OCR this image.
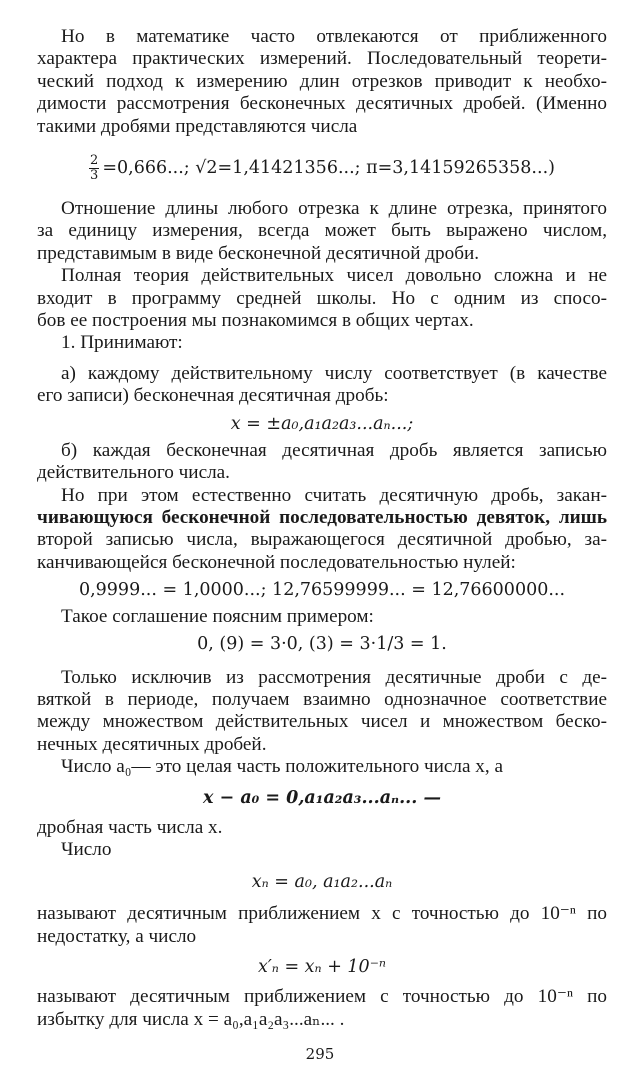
Но в математике часто отвлекаются от приближенного
характера практических измерений. Последовательный теорети-
ческий подход к измерению длин отрезков приводит к необхо-
димости рассмотрения бесконечных десятичных дробей. (Именно
такими дробями представляются числа
$\frac{2}{3} =0,666$...; √2=1,41421356...; π=3,14159265358...)
Отношение длины любого отрезка к длине отрезка, принятого
за единицу измерения, всегда может быть выражено числом,
представимым в виде бесконечной десятичной дроби.
Полная теория действительных чисел довольно сложна и не
входит в программу средней школы. Но с одним из спосо-
бов ее построения мы познакомимся в общих чертах.
1. Принимают:
а) каждому действительному числу соответствует (в качестве
его записи) бесконечная десятичная дробь:
x = ±a₀,a₁a₂a₃...aₙ...;
б) каждая бесконечная десятичная дробь является записью
действительного числа.
Но при этом естественно считать десятичную дробь, закан-
чивающуюся бесконечной последовательностью девяток, лишь
второй записью числа, выражающегося десятичной дробью, за-
канчивающейся бесконечной последовательностью нулей:
0,9999... = 1,0000...; 12,76599999... = 12,76600000...
Такое соглашение поясним примером:
0, (9) = 3·0, (3) = 3·1/3 = 1.
Только исключив из рассмотрения десятичные дроби с де-
вяткой в периоде, получаем взаимно однозначное соответствие
между множеством действительных чисел и множеством беско-
нечных десятичных дробей.
Число a₀— это целая часть положительного числа x, а
x − a₀ = 0,a₁a₂a₃...aₙ... —
дробная часть числа x.
Число
xₙ = a₀, a₁a₂...aₙ
называют десятичным приближением x с точностью до 10⁻ⁿ по
недостатку, а число
x′ₙ = xₙ + 10⁻ⁿ
называют десятичным приближением с точностью до 10⁻ⁿ по
избытку для числа x = a₀,a₁a₂a₃...aₙ... .
295
